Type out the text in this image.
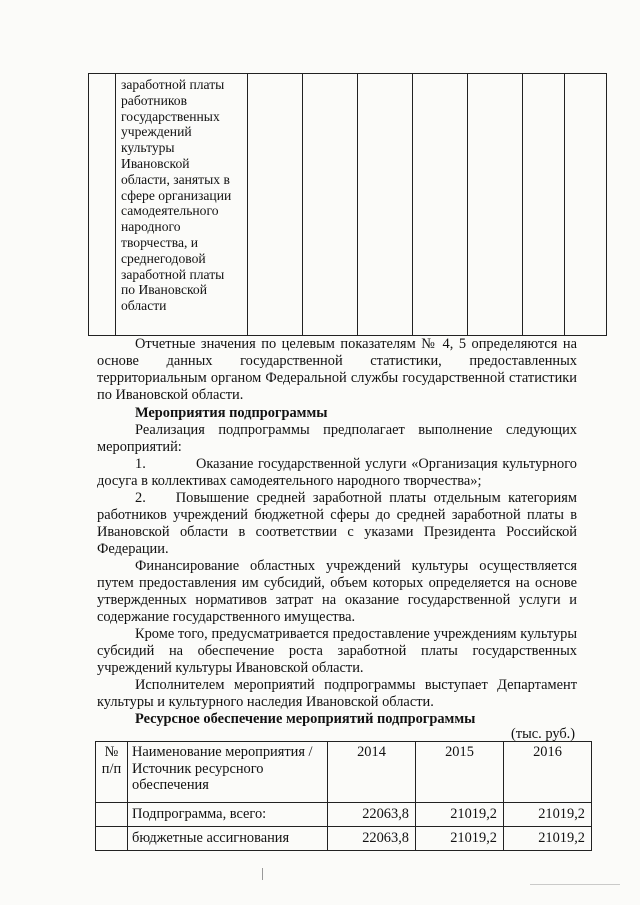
	заработной платы
работников
государственных
учреждений
культуры
Ивановской
области, занятых в
сфере организации
самодеятельного
народного
творчества, и
среднегодовой
заработной платы
по Ивановской
области							

Отчетные значения по целевым показателям № 4, 5 определяются на основе данных государственной статистики, предоставленных территориальным органом Федеральной службы государственной статистики по Ивановской области.

Мероприятия подпрограммы

Реализация подпрограммы предполагает выполнение следующих мероприятий:

1.           Оказание государственной услуги «Организация культурного досуга в коллективах самодеятельного народного творчества»;

2.    Повышение средней заработной платы отдельным категориям работников учреждений бюджетной сферы до средней заработной платы в Ивановской области в соответствии с указами Президента Российской Федерации.

Финансирование областных учреждений культуры осуществляется путем предоставления им субсидий, объем которых определяется на основе утвержденных нормативов затрат на оказание государственной услуги и содержание государственного имущества.

Кроме того, предусматривается предоставление учреждениям культуры субсидий на обеспечение роста заработной платы государственных учреждений культуры Ивановской области.

Исполнителем мероприятий подпрограммы выступает Департамент культуры и культурного наследия Ивановской области.

Ресурсное обеспечение мероприятий подпрограммы

(тыс. руб.)
№
п/п	Наименование мероприятия / Источник ресурсного обеспечения	2014	2015	2016
	Подпрограмма, всего:	22063,8	21019,2	21019,2
	бюджетные ассигнования	22063,8	21019,2	21019,2
